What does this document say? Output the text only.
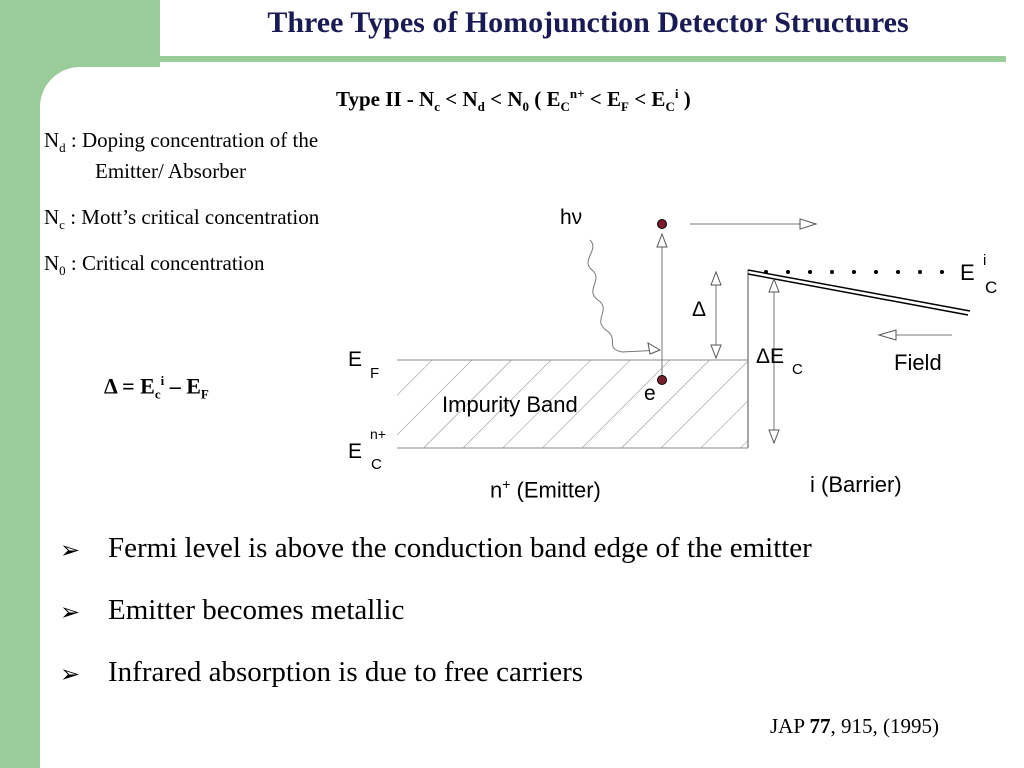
Three Types of Homojunction Detector Structures
Type II - $N_c < N_d < N_0$ ( $E_C^{n+} < E_F < E_C^i$ )
$N_d$ : Doping concentration of the
Emitter/ Absorber
$N_c$ : Mott’s critical concentration
$N_0$ : Critical concentration
$\Delta = E_c^i - E_F$
hν
Δ
E
F
E
n+
C
Impurity Band	e
ΔE
C
E i
C
Field
n+ (Emitter)	i (Barrier)
➢ Fermi level is above the conduction band edge of the emitter
➢ Emitter becomes metallic
➢ Infrared absorption is due to free carriers
JAP 77, 915, (1995)
